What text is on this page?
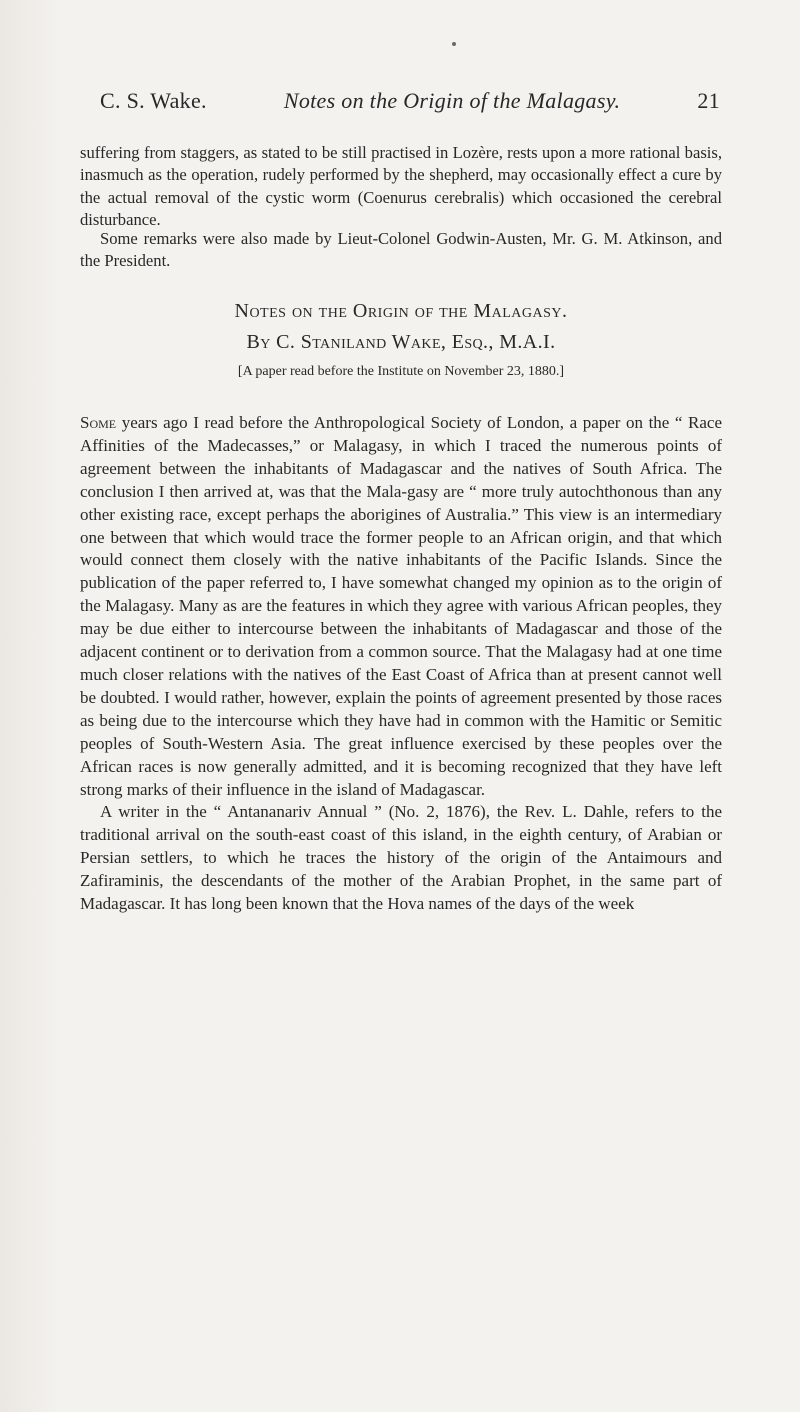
C. S. Wake.	Notes on the Origin of the Malagasy.	21

suffering from staggers, as stated to be still practised in Lozère, rests upon a more rational basis, inasmuch as the operation, rudely performed by the shepherd, may occasionally effect a cure by the actual removal of the cystic worm (Coenurus cerebralis) which occasioned the cerebral disturbance.

Some remarks were also made by Lieut-Colonel Godwin-Austen, Mr. G. M. Atkinson, and the President.

Notes on the Origin of the Malagasy.
By C. Staniland Wake, Esq., M.A.I.
[A paper read before the Institute on November 23, 1880.]

Some years ago I read before the Anthropological Society of London, a paper on the “ Race Affinities of the Madecasses,” or Malagasy, in which I traced the numerous points of agreement between the inhabitants of Madagascar and the natives of South Africa. The conclusion I then arrived at, was that the Mala-gasy are “ more truly autochthonous than any other existing race, except perhaps the aborigines of Australia.” This view is an intermediary one between that which would trace the former people to an African origin, and that which would connect them closely with the native inhabitants of the Pacific Islands. Since the publication of the paper referred to, I have somewhat changed my opinion as to the origin of the Malagasy. Many as are the features in which they agree with various African peoples, they may be due either to intercourse between the inhabitants of Madagascar and those of the adjacent continent or to derivation from a common source. That the Malagasy had at one time much closer relations with the natives of the East Coast of Africa than at present cannot well be doubted. I would rather, however, explain the points of agreement presented by those races as being due to the intercourse which they have had in common with the Hamitic or Semitic peoples of South-Western Asia. The great influence exercised by these peoples over the African races is now generally admitted, and it is becoming recognized that they have left strong marks of their influence in the island of Madagascar.

A writer in the “ Antananariv Annual ” (No. 2, 1876), the Rev. L. Dahle, refers to the traditional arrival on the south-east coast of this island, in the eighth century, of Arabian or Persian settlers, to which he traces the history of the origin of the Antaimours and Zafiraminis, the descendants of the mother of the Arabian Prophet, in the same part of Madagascar. It has long been known that the Hova names of the days of the week
